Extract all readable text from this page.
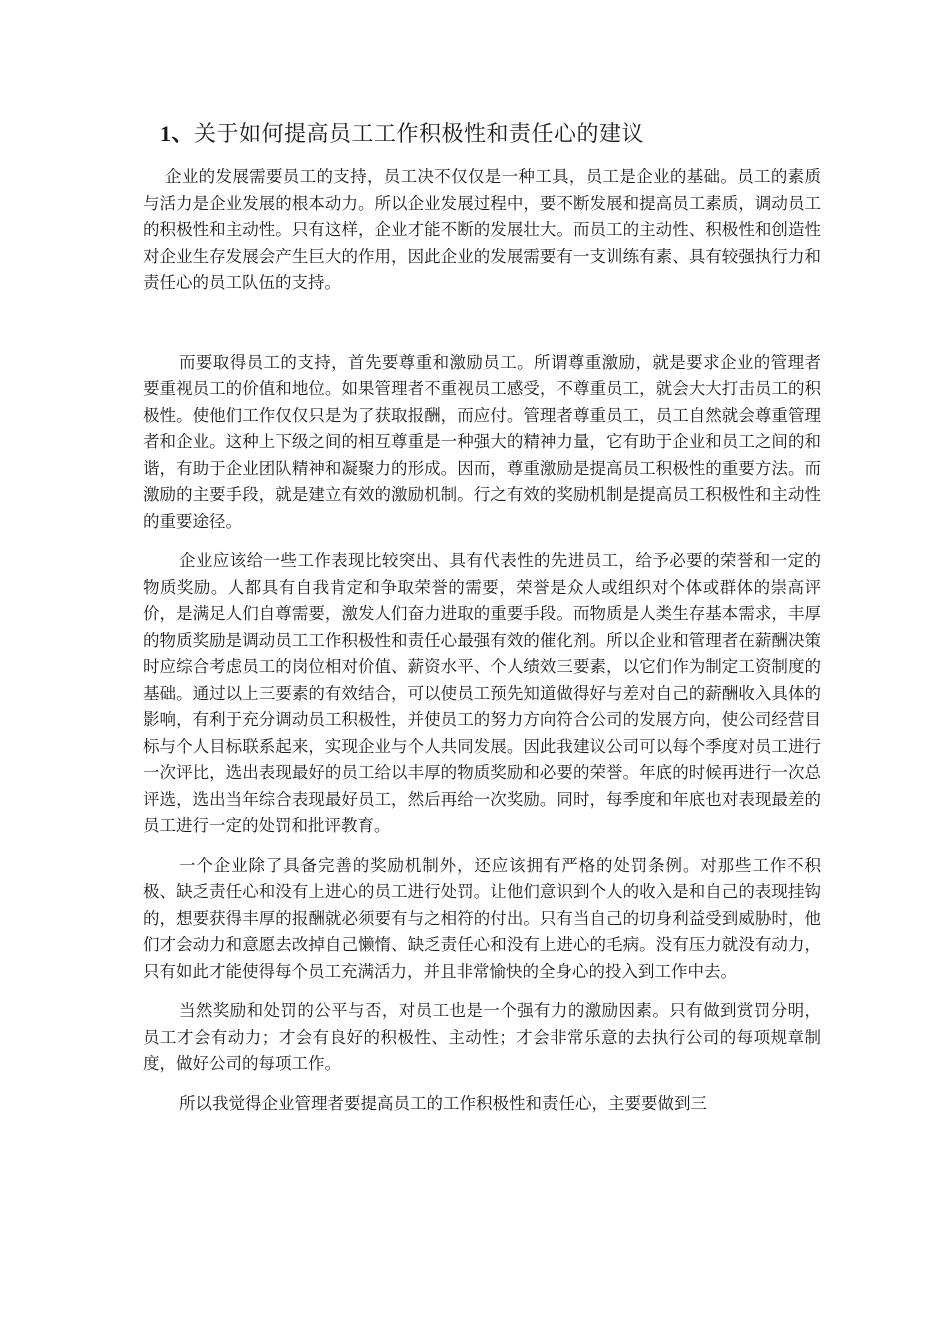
1、关于如何提高员工工作积极性和责任心的建议

企业的发展需要员工的支持，员工决不仅仅是一种工具，员工是企业的基础。员工的素质与活力是企业发展的根本动力。所以企业发展过程中，要不断发展和提高员工素质，调动员工的积极性和主动性。只有这样，企业才能不断的发展壮大。而员工的主动性、积极性和创造性对企业生存发展会产生巨大的作用，因此企业的发展需要有一支训练有素、具有较强执行力和责任心的员工队伍的支持。

而要取得员工的支持，首先要尊重和激励员工。所谓尊重激励，就是要求企业的管理者要重视员工的价值和地位。如果管理者不重视员工感受，不尊重员工，就会大大打击员工的积极性。使他们工作仅仅只是为了获取报酬，而应付。管理者尊重员工，员工自然就会尊重管理者和企业。这种上下级之间的相互尊重是一种强大的精神力量，它有助于企业和员工之间的和谐，有助于企业团队精神和凝聚力的形成。因而，尊重激励是提高员工积极性的重要方法。而激励的主要手段，就是建立有效的激励机制。行之有效的奖励机制是提高员工积极性和主动性的重要途径。

企业应该给一些工作表现比较突出、具有代表性的先进员工，给予必要的荣誉和一定的物质奖励。人都具有自我肯定和争取荣誉的需要，荣誉是众人或组织对个体或群体的崇高评价，是满足人们自尊需要，激发人们奋力进取的重要手段。而物质是人类生存基本需求，丰厚的物质奖励是调动员工工作积极性和责任心最强有效的催化剂。所以企业和管理者在薪酬决策时应综合考虑员工的岗位相对价值、薪资水平、个人绩效三要素，以它们作为制定工资制度的基础。通过以上三要素的有效结合，可以使员工预先知道做得好与差对自己的薪酬收入具体的影响，有利于充分调动员工积极性，并使员工的努力方向符合公司的发展方向，使公司经营目标与个人目标联系起来，实现企业与个人共同发展。因此我建议公司可以每个季度对员工进行一次评比，选出表现最好的员工给以丰厚的物质奖励和必要的荣誉。年底的时候再进行一次总评选，选出当年综合表现最好员工，然后再给一次奖励。同时，每季度和年底也对表现最差的员工进行一定的处罚和批评教育。

一个企业除了具备完善的奖励机制外，还应该拥有严格的处罚条例。对那些工作不积极、缺乏责任心和没有上进心的员工进行处罚。让他们意识到个人的收入是和自己的表现挂钩的，想要获得丰厚的报酬就必须要有与之相符的付出。只有当自己的切身利益受到威胁时，他们才会动力和意愿去改掉自己懒惰、缺乏责任心和没有上进心的毛病。没有压力就没有动力，只有如此才能使得每个员工充满活力，并且非常愉快的全身心的投入到工作中去。

当然奖励和处罚的公平与否，对员工也是一个强有力的激励因素。只有做到赏罚分明，员工才会有动力；才会有良好的积极性、主动性；才会非常乐意的去执行公司的每项规章制度，做好公司的每项工作。

所以我觉得企业管理者要提高员工的工作积极性和责任心，主要要做到三
